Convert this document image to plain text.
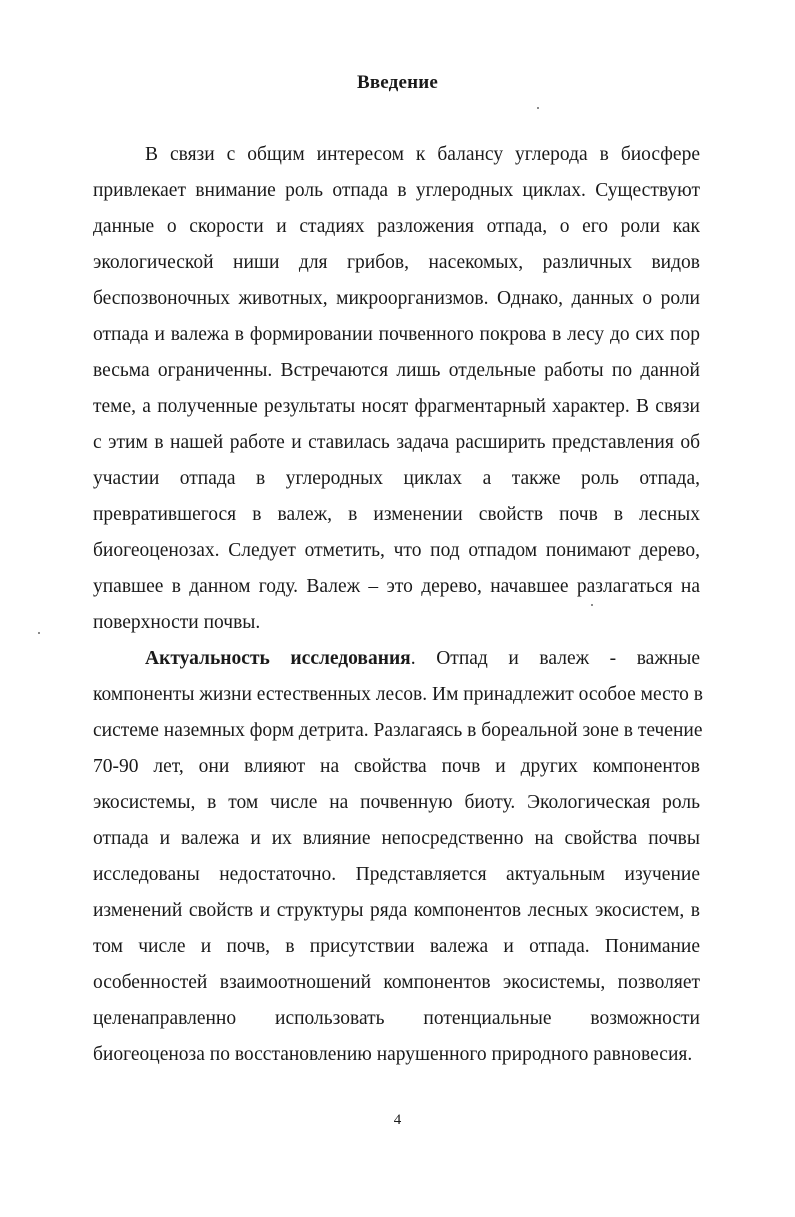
Введение
В связи с общим интересом к балансу углерода в биосфере
привлекает внимание роль отпада в углеродных циклах. Существуют
данные о скорости и стадиях разложения отпада, о его роли как
экологической ниши для грибов, насекомых, различных видов
беспозвоночных животных, микроорганизмов. Однако, данных о роли
отпада и валежа в формировании почвенного покрова в лесу до сих пор
весьма ограниченны. Встречаются лишь отдельные работы по данной
теме, а полученные результаты носят фрагментарный характер. В связи
с этим в нашей работе и ставилась задача расширить представления об
участии отпада в углеродных циклах а также роль отпада,
превратившегося в валеж, в изменении свойств почв в лесных
биогеоценозах. Следует отметить, что под отпадом понимают дерево,
упавшее в данном году. Валеж – это дерево, начавшее разлагаться на
поверхности почвы.
Актуальность исследования. Отпад и валеж - важные
компоненты жизни естественных лесов. Им принадлежит особое место в
системе наземных форм детрита. Разлагаясь в бореальной зоне в течение
70-90 лет, они влияют на свойства почв и других компонентов
экосистемы, в том числе на почвенную биоту. Экологическая роль
отпада и валежа и их влияние непосредственно на свойства почвы
исследованы недостаточно. Представляется актуальным изучение
изменений свойств и структуры ряда компонентов лесных экосистем, в
том числе и почв, в присутствии валежа и отпада. Понимание
особенностей взаимоотношений компонентов экосистемы, позволяет
целенаправленно использовать потенциальные возможности
биогеоценоза по восстановлению нарушенного природного равновесия.
4
